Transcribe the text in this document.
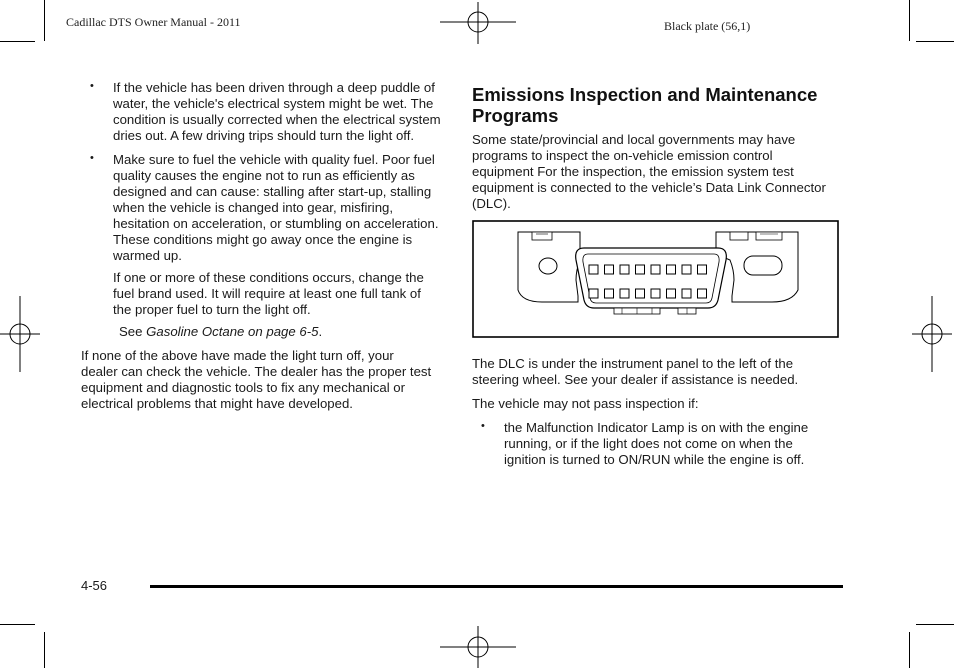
Cadillac DTS Owner Manual - 2011	Black plate (56,1)
• If the vehicle has been driven through a deep puddle of water, the vehicle's electrical system might be wet. The condition is usually corrected when the electrical system dries out. A few driving trips should turn the light off.

• Make sure to fuel the vehicle with quality fuel. Poor fuel quality causes the engine not to run as efficiently as designed and can cause: stalling after start-up, stalling when the vehicle is changed into gear, misfiring, hesitation on acceleration, or stumbling on acceleration. These conditions might go away once the engine is warmed up.

If one or more of these conditions occurs, change the fuel brand used. It will require at least one full tank of the proper fuel to turn the light off.

See Gasoline Octane on page 6-5.

If none of the above have made the light turn off, your dealer can check the vehicle. The dealer has the proper test equipment and diagnostic tools to fix any mechanical or electrical problems that might have developed.

Emissions Inspection and Maintenance Programs

Some state/provincial and local governments may have programs to inspect the on-vehicle emission control equipment For the inspection, the emission system test equipment is connected to the vehicle’s Data Link Connector (DLC).

The DLC is under the instrument panel to the left of the steering wheel. See your dealer if assistance is needed.

The vehicle may not pass inspection if:

• the Malfunction Indicator Lamp is on with the engine running, or if the light does not come on when the ignition is turned to ON/RUN while the engine is off.

4-56
